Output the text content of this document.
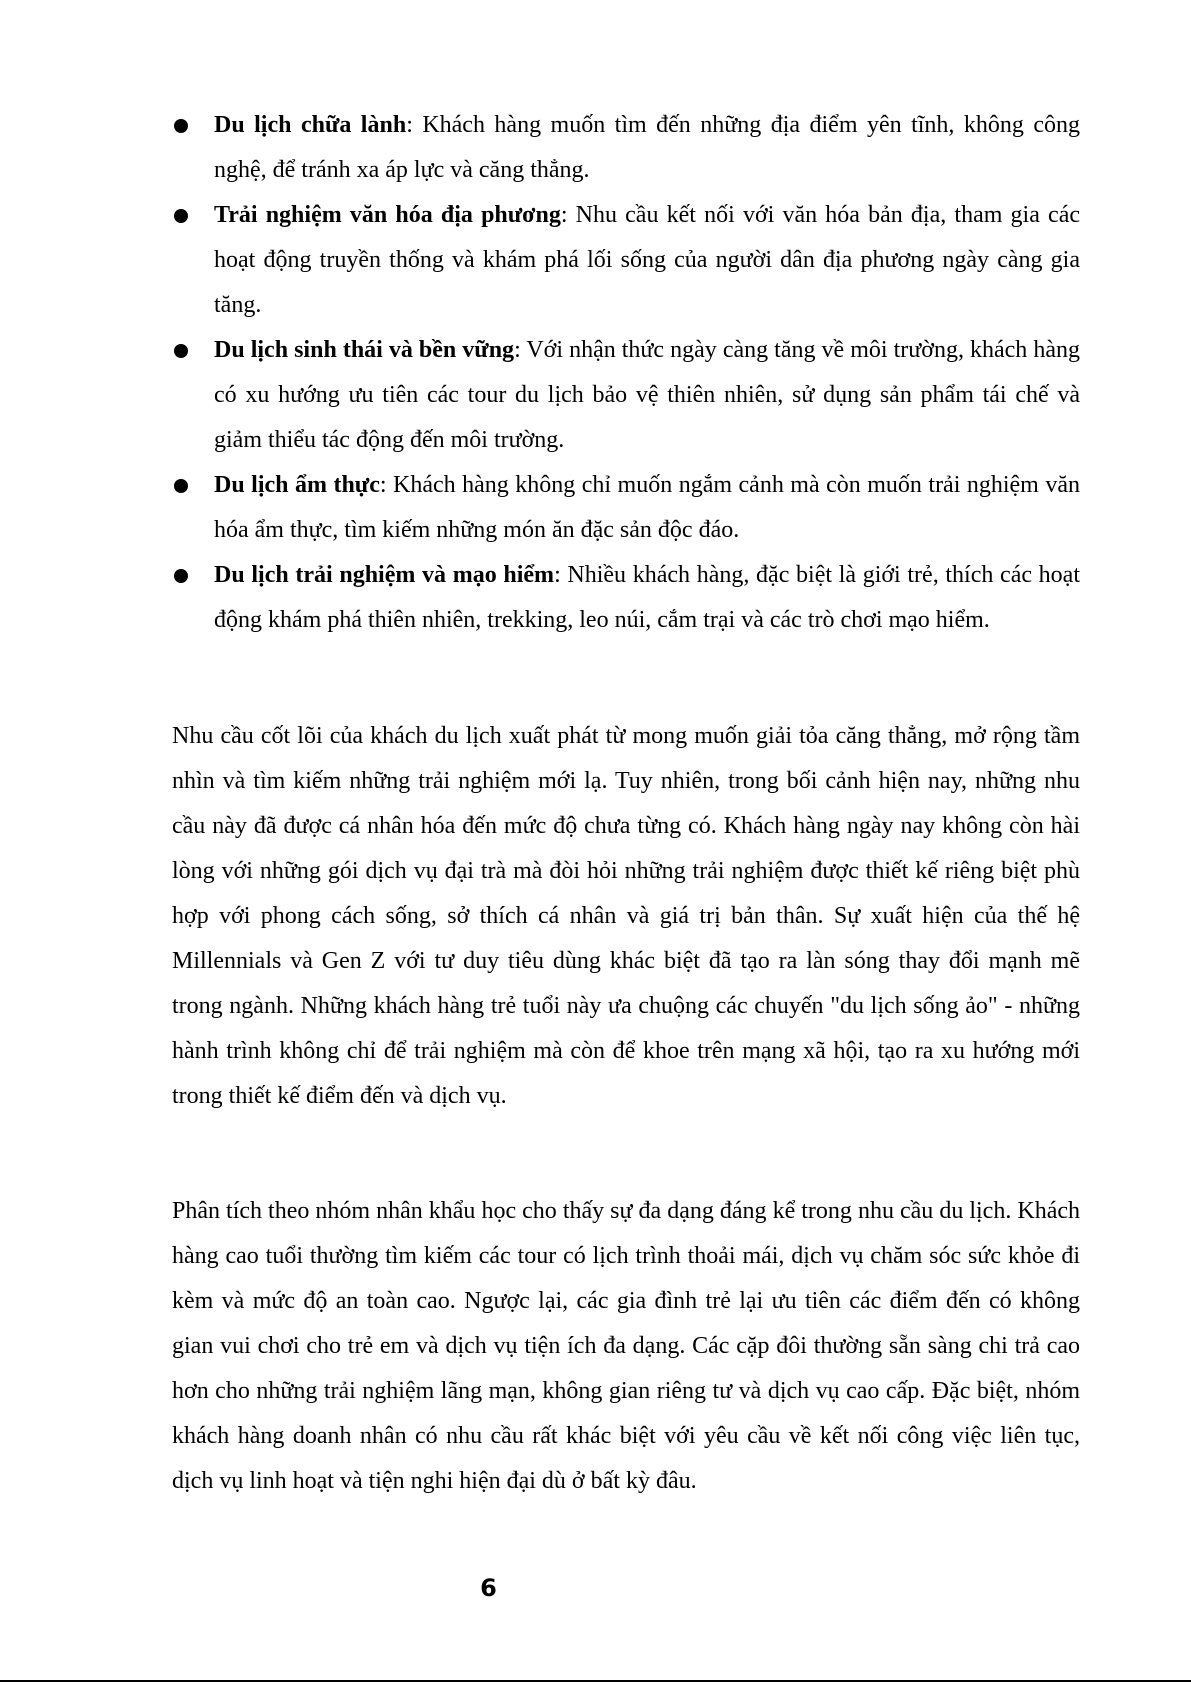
Du lịch chữa lành: Khách hàng muốn tìm đến những địa điểm yên tĩnh, không công nghệ, để tránh xa áp lực và căng thẳng.
Trải nghiệm văn hóa địa phương: Nhu cầu kết nối với văn hóa bản địa, tham gia các hoạt động truyền thống và khám phá lối sống của người dân địa phương ngày càng gia tăng.
Du lịch sinh thái và bền vững: Với nhận thức ngày càng tăng về môi trường, khách hàng có xu hướng ưu tiên các tour du lịch bảo vệ thiên nhiên, sử dụng sản phẩm tái chế và giảm thiểu tác động đến môi trường.
Du lịch ẩm thực: Khách hàng không chỉ muốn ngắm cảnh mà còn muốn trải nghiệm văn hóa ẩm thực, tìm kiếm những món ăn đặc sản độc đáo.
Du lịch trải nghiệm và mạo hiểm: Nhiều khách hàng, đặc biệt là giới trẻ, thích các hoạt động khám phá thiên nhiên, trekking, leo núi, cắm trại và các trò chơi mạo hiểm.

Nhu cầu cốt lõi của khách du lịch xuất phát từ mong muốn giải tỏa căng thẳng, mở rộng tầm nhìn và tìm kiếm những trải nghiệm mới lạ. Tuy nhiên, trong bối cảnh hiện nay, những nhu cầu này đã được cá nhân hóa đến mức độ chưa từng có. Khách hàng ngày nay không còn hài lòng với những gói dịch vụ đại trà mà đòi hỏi những trải nghiệm được thiết kế riêng biệt phù hợp với phong cách sống, sở thích cá nhân và giá trị bản thân. Sự xuất hiện của thế hệ Millennials và Gen Z với tư duy tiêu dùng khác biệt đã tạo ra làn sóng thay đổi mạnh mẽ trong ngành. Những khách hàng trẻ tuổi này ưa chuộng các chuyến "du lịch sống ảo" - những hành trình không chỉ để trải nghiệm mà còn để khoe trên mạng xã hội, tạo ra xu hướng mới trong thiết kế điểm đến và dịch vụ.

Phân tích theo nhóm nhân khẩu học cho thấy sự đa dạng đáng kể trong nhu cầu du lịch. Khách hàng cao tuổi thường tìm kiếm các tour có lịch trình thoải mái, dịch vụ chăm sóc sức khỏe đi kèm và mức độ an toàn cao. Ngược lại, các gia đình trẻ lại ưu tiên các điểm đến có không gian vui chơi cho trẻ em và dịch vụ tiện ích đa dạng. Các cặp đôi thường sẵn sàng chi trả cao hơn cho những trải nghiệm lãng mạn, không gian riêng tư và dịch vụ cao cấp. Đặc biệt, nhóm khách hàng doanh nhân có nhu cầu rất khác biệt với yêu cầu về kết nối công việc liên tục, dịch vụ linh hoạt và tiện nghi hiện đại dù ở bất kỳ đâu.

6
